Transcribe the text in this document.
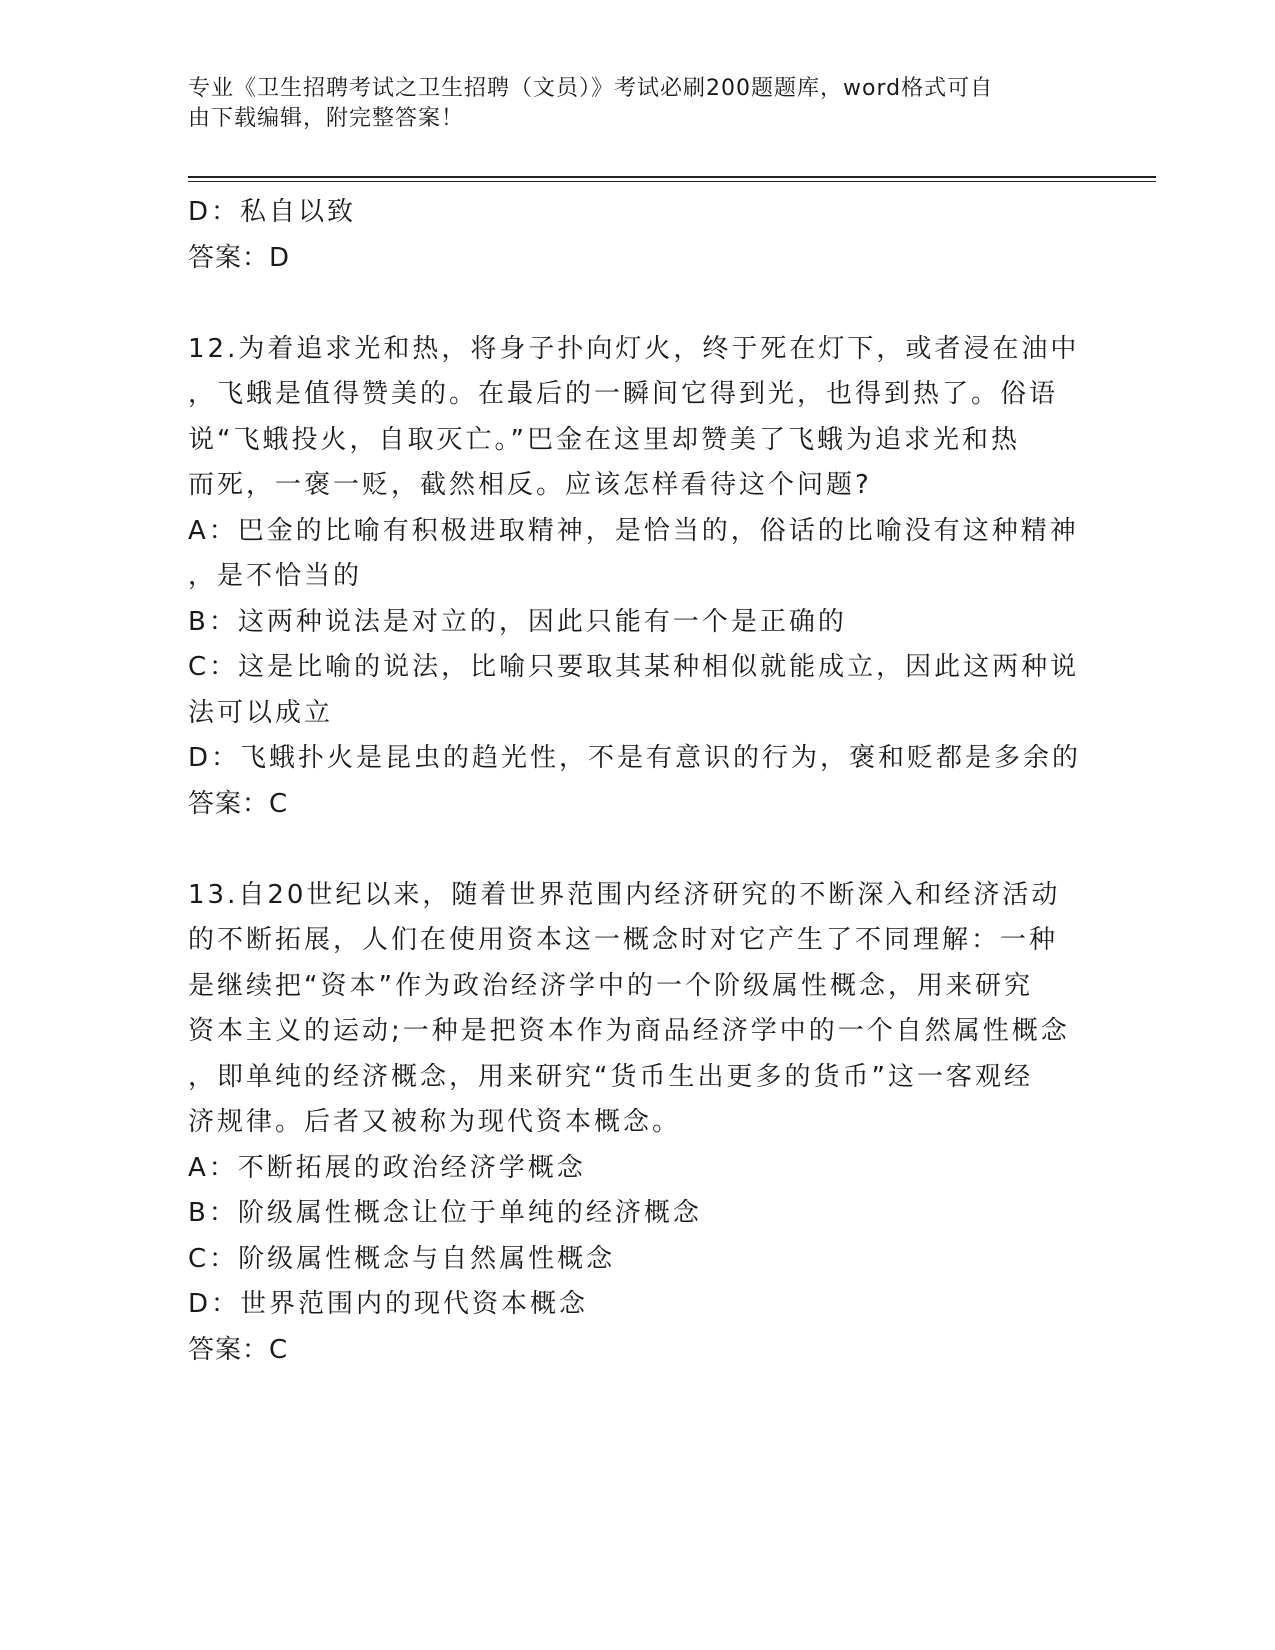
专业《卫生招聘考试之卫生招聘（文员）》考试必刷200题题库，word格式可自
由下载编辑，附完整答案！
D：私自以致
答案：D
12.为着追求光和热，将身子扑向灯火，终于死在灯下，或者浸在油中
，飞蛾是值得赞美的。在最后的一瞬间它得到光，也得到热了。俗语
说“飞蛾投火，自取灭亡。”巴金在这里却赞美了飞蛾为追求光和热
而死，一褒一贬，截然相反。应该怎样看待这个问题?
A：巴金的比喻有积极进取精神，是恰当的，俗话的比喻没有这种精神
，是不恰当的
B：这两种说法是对立的，因此只能有一个是正确的
C：这是比喻的说法，比喻只要取其某种相似就能成立，因此这两种说
法可以成立
D：飞蛾扑火是昆虫的趋光性，不是有意识的行为，褒和贬都是多余的
答案：C
13.自20世纪以来，随着世界范围内经济研究的不断深入和经济活动
的不断拓展，人们在使用资本这一概念时对它产生了不同理解：一种
是继续把“资本”作为政治经济学中的一个阶级属性概念，用来研究
资本主义的运动;一种是把资本作为商品经济学中的一个自然属性概念
，即单纯的经济概念，用来研究“货币生出更多的货币”这一客观经
济规律。后者又被称为现代资本概念。
A：不断拓展的政治经济学概念
B：阶级属性概念让位于单纯的经济概念
C：阶级属性概念与自然属性概念
D：世界范围内的现代资本概念
答案：C
